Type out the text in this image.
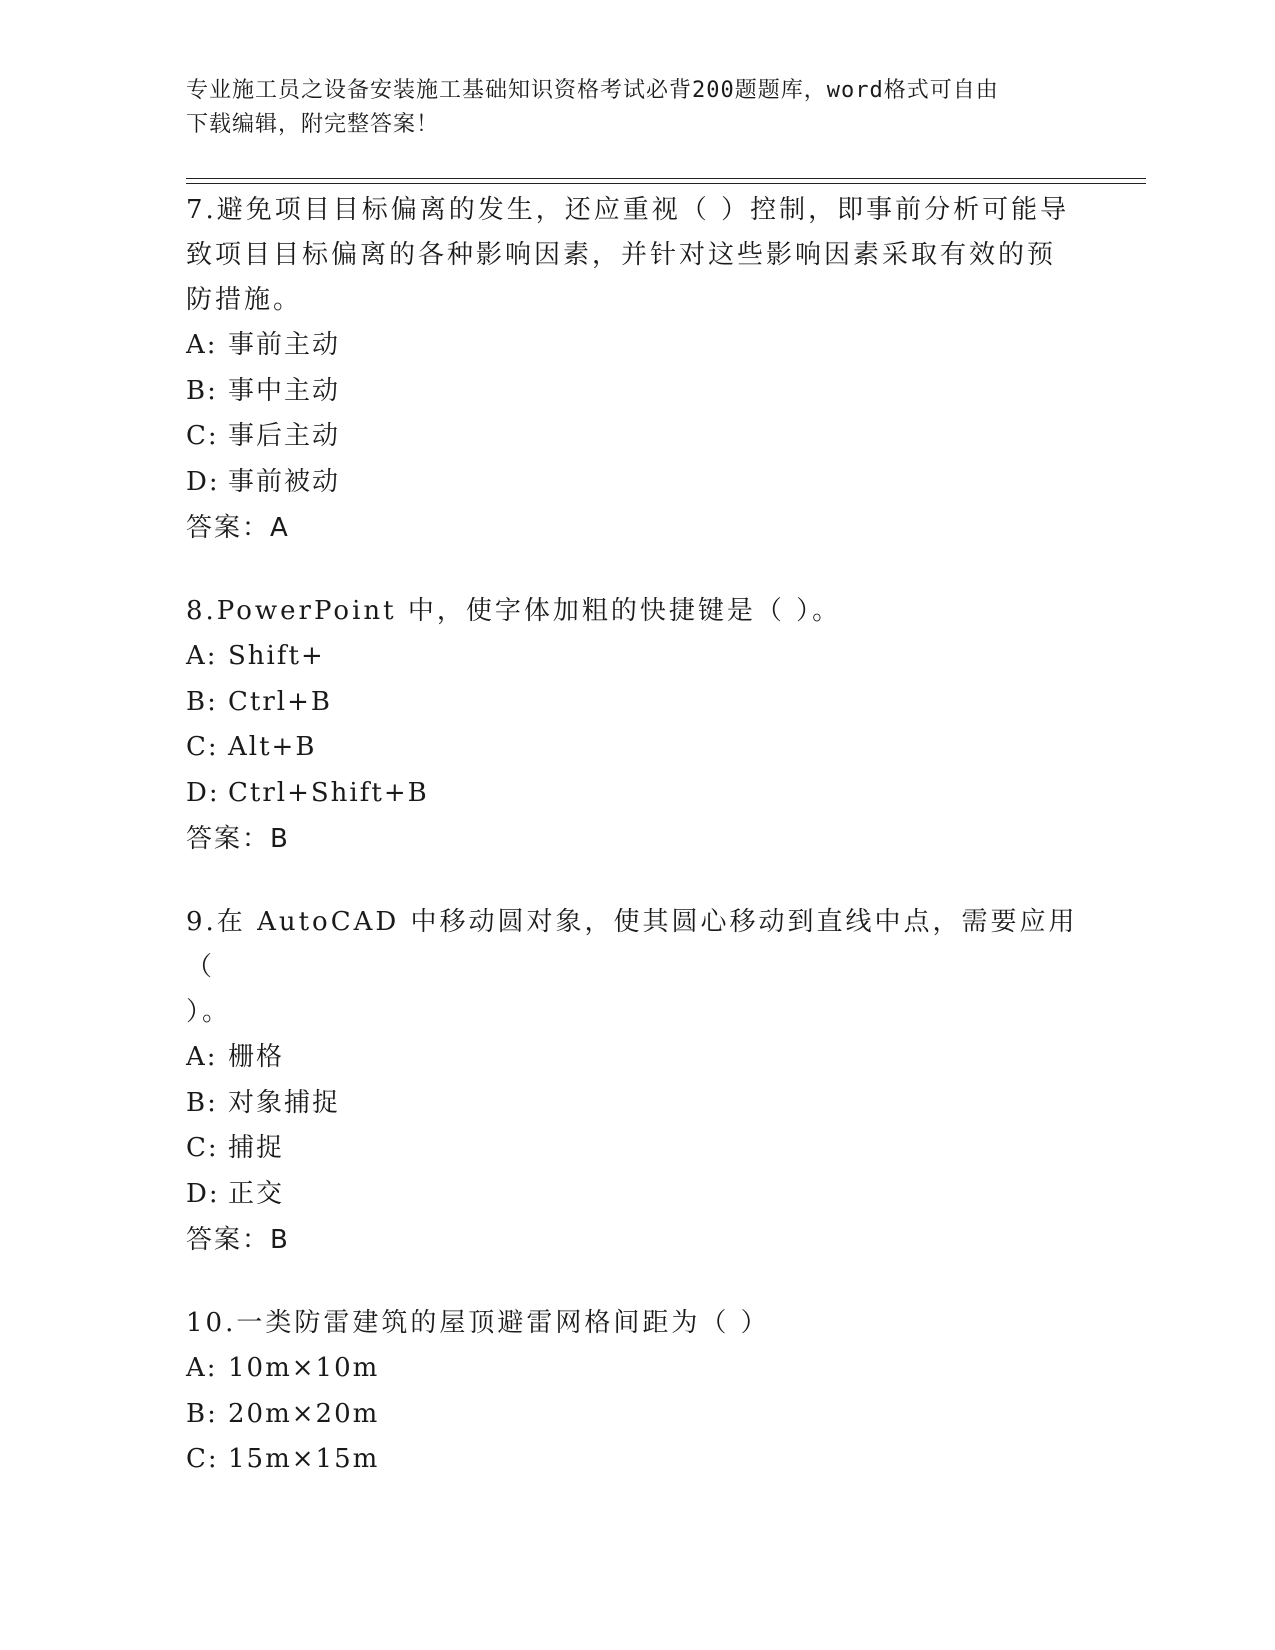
专业施工员之设备安装施工基础知识资格考试必背200题题库，word格式可自由
下载编辑，附完整答案！
7.避免项目目标偏离的发生，还应重视（ ）控制，即事前分析可能导
致项目目标偏离的各种影响因素，并针对这些影响因素采取有效的预
防措施。
A: 事前主动
B: 事中主动
C: 事后主动
D: 事前被动
答案：A
8.PowerPoint 中，使字体加粗的快捷键是（ ）。
A: Shift+
B: Ctrl+B
C: Alt+B
D: Ctrl+Shift+B
答案：B
9.在 AutoCAD 中移动圆对象，使其圆心移动到直线中点，需要应用（
）。
A: 栅格
B: 对象捕捉
C: 捕捉
D: 正交
答案：B
10.一类防雷建筑的屋顶避雷网格间距为（ ）
A: 10m×10m
B: 20m×20m
C: 15m×15m
